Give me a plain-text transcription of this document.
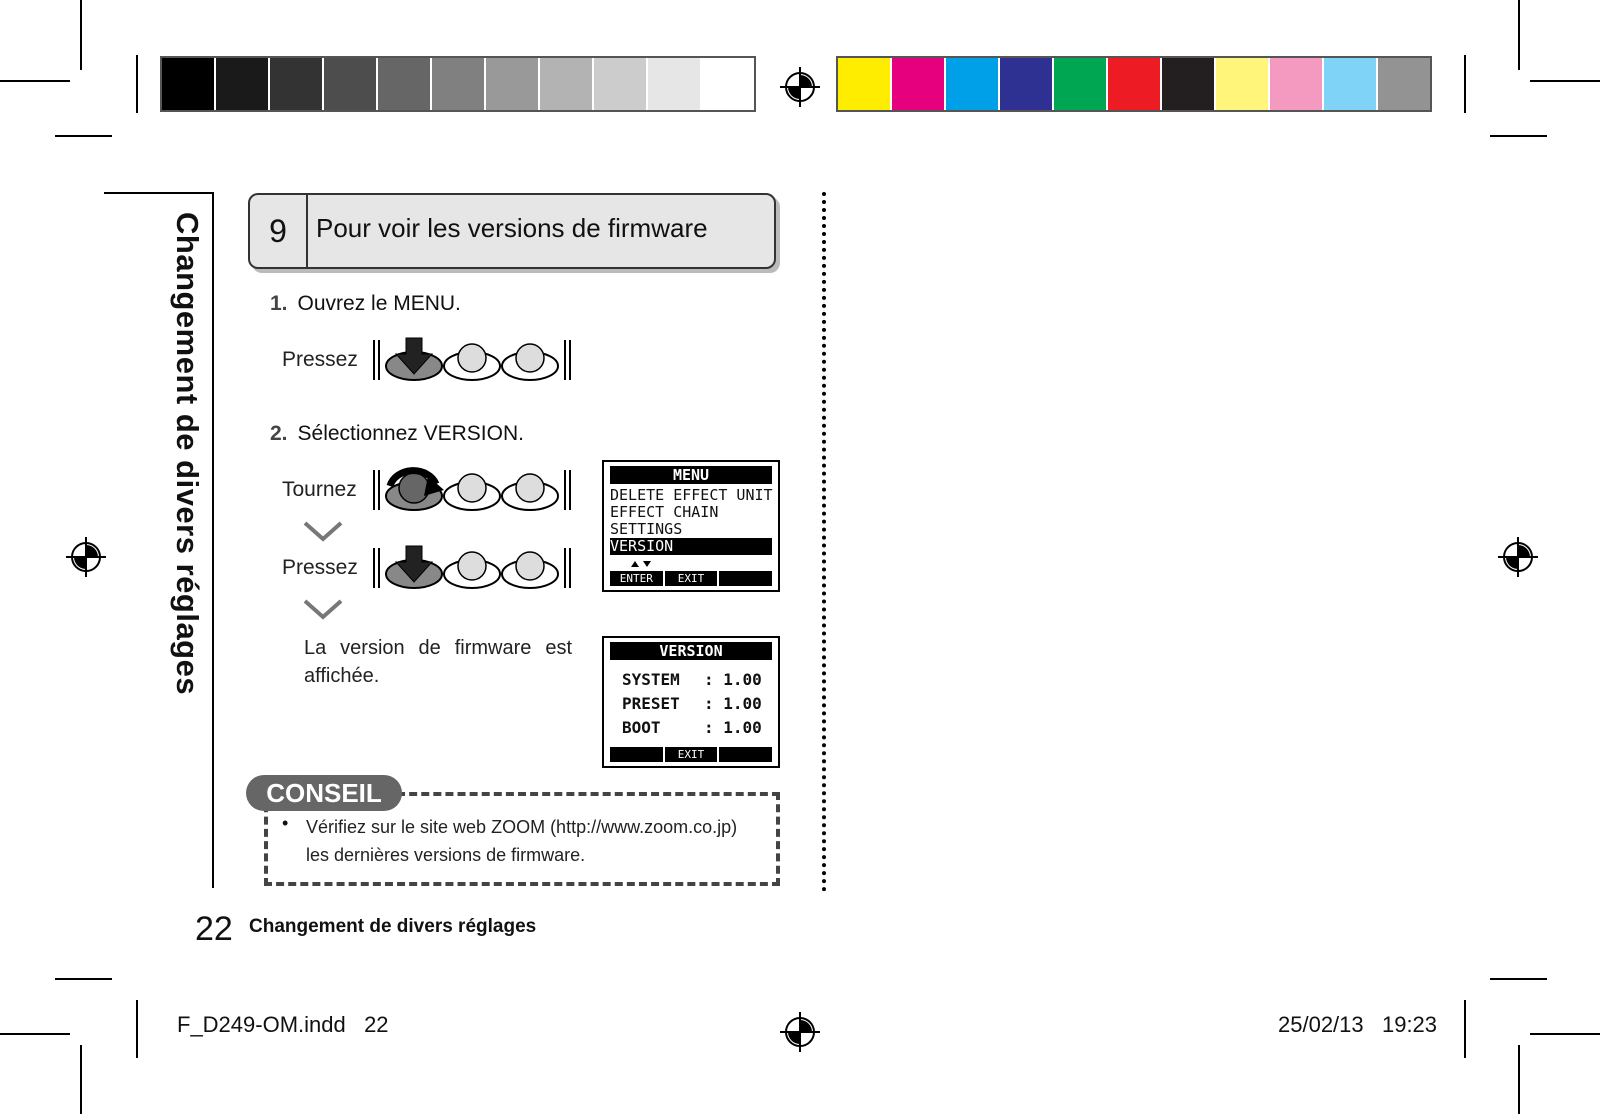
Changement de divers réglages	9	Pour voir les versions de firmware
1. Ouvrez le MENU.
Pressez
2. Sélectionnez VERSION.
Tournez
Pressez
La version de firmware est affichée.
MENU
DELETE EFFECT UNIT
EFFECT CHAIN
SETTINGS
VERSION
ENTER	EXIT
VERSION
SYSTEM : 1.00
PRESET : 1.00
BOOT	: 1.00
EXIT
CONSEIL
• Vérifiez sur le site web ZOOM (http://www.zoom.co.jp)
les dernières versions de firmware.
22 Changement de divers réglages
F_D249-OM.indd   22	25/02/13   19:23
